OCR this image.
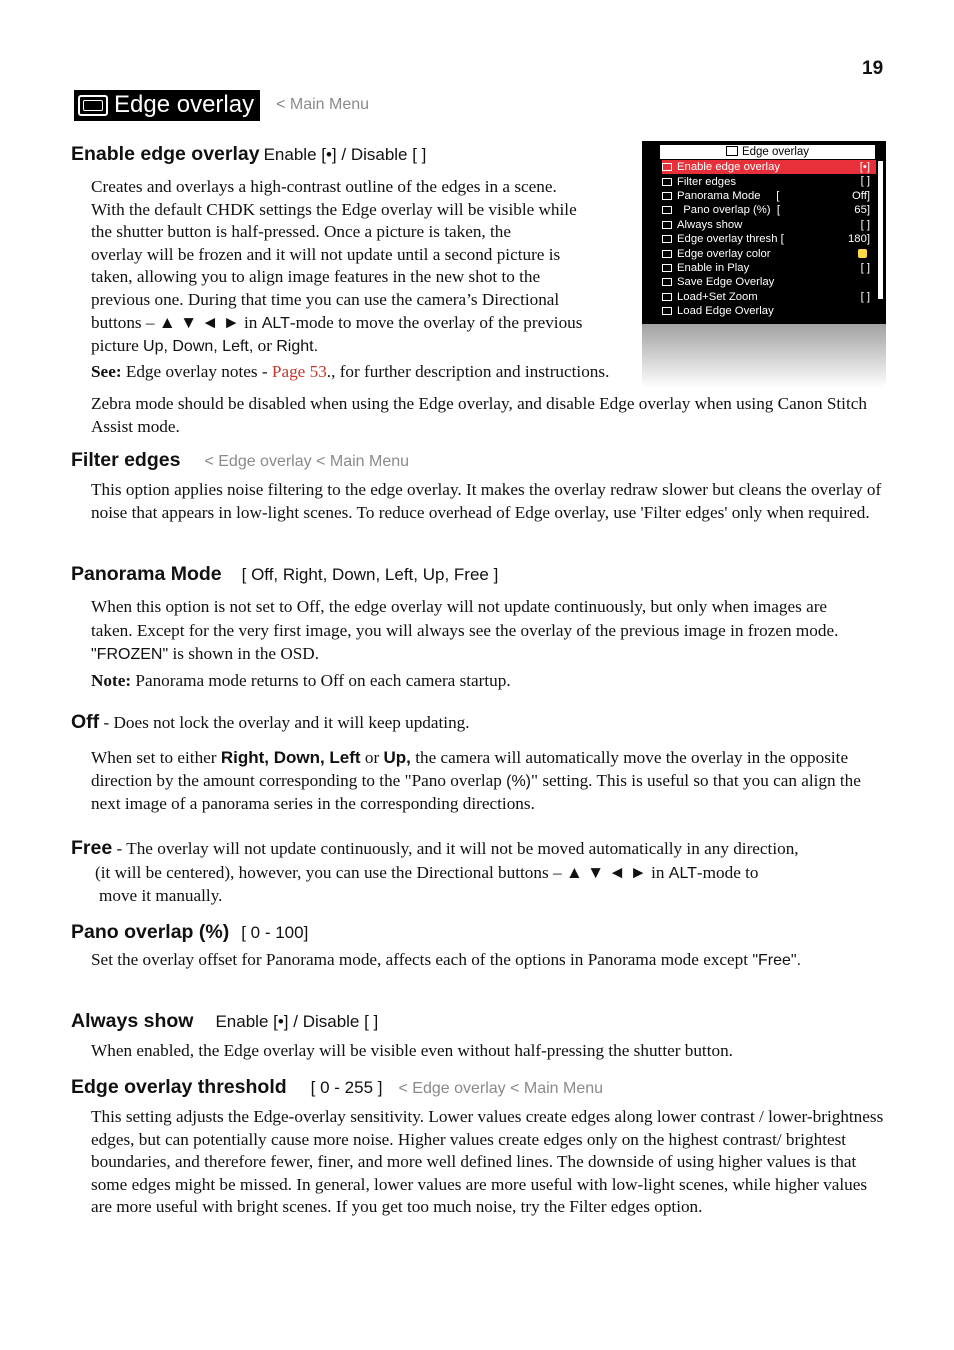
19
Edge overlay < Main Menu
Enable edge overlay Enable [•] / Disable [ ]	Edge overlay
Enable edge overlay	[•]
Filter edges	[ ]
Panorama Mode     [	Off]
Pano overlap (%)  [	65]
Always show	[ ]
Edge overlay thresh [	180]
Edge overlay color
Enable in Play	[ ]
Save Edge Overlay
Load+Set Zoom	[ ]
Load Edge Overlay

Creates and overlays a high-contrast outline of the edges in a scene.

With the default CHDK settings the Edge overlay will be visible while

the shutter button is half-pressed. Once a picture is taken, the

overlay will be frozen and it will not update until a second picture is

taken, allowing you to align image features in the new shot to the

previous one. During that time you can use the camera’s Directional

buttons – ▲ ▼ ◄ ► in ALT-mode to move the overlay of the previous

picture Up, Down, Left, or Right.

See: Edge overlay notes - Page 53., for further description and instructions.

Zebra mode should be disabled when using the Edge overlay, and disable Edge overlay when using Canon Stitch Assist mode.

Filter edges < Edge overlay < Main Menu

This option applies noise filtering to the edge overlay. It makes the overlay redraw slower but cleans the overlay of noise that appears in low-light scenes. To reduce overhead of Edge overlay, use 'Filter edges' only when required.

Panorama Mode [ Off, Right, Down, Left, Up, Free ]

When this option is not set to Off, the edge overlay will not update continuously, but only when images are taken. Except for the very first image, you will always see the overlay of the previous image in frozen mode. "FROZEN" is shown in the OSD.

Note: Panorama mode returns to Off on each camera startup.

Off - Does not lock the overlay and it will keep updating.

When set to either Right, Down, Left or Up, the camera will automatically move the overlay in the opposite direction by the amount corresponding to the "Pano overlap (%)" setting. This is useful so that you can align the next image of a panorama series in the corresponding directions.

Free - The overlay will not update continuously, and it will not be moved automatically in any direction,

(it will be centered), however, you can use the Directional buttons – ▲ ▼ ◄ ► in ALT-mode to

move it manually.

Pano overlap (%) [ 0 - 100]

Set the overlay offset for Panorama mode, affects each of the options in Panorama mode except "Free".

Always show Enable [•] / Disable [ ]

When enabled, the Edge overlay will be visible even without half-pressing the shutter button.

Edge overlay threshold [ 0 - 255 ] < Edge overlay < Main Menu

This setting adjusts the Edge-overlay sensitivity. Lower values create edges along lower contrast / lower-brightness edges, but can potentially cause more noise. Higher values create edges only on the highest contrast/ brightest boundaries, and therefore fewer, finer, and more well defined lines. The downside of using higher values is that some edges might be missed. In general, lower values are more useful with low-light scenes, while higher values are more useful with bright scenes. If you get too much noise, try the Filter edges option.
